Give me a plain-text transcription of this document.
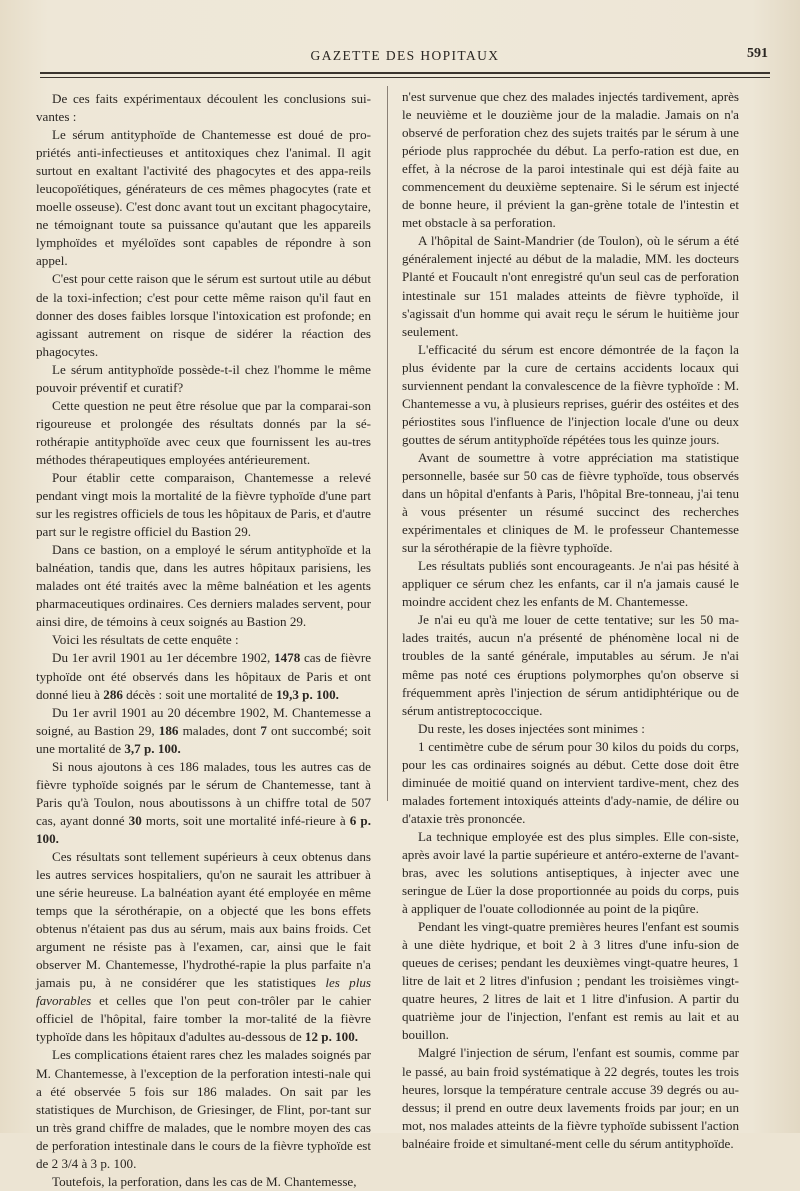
GAZETTE DES HOPITAUX	591

De ces faits expérimentaux découlent les conclusions sui-vantes :

Le sérum antityphoïde de Chantemesse est doué de pro-priétés anti-infectieuses et antitoxiques chez l'animal. Il agit surtout en exaltant l'activité des phagocytes et des appa-reils leucopoïétiques, générateurs de ces mêmes phagocytes (rate et moelle osseuse). C'est donc avant tout un excitant phagocytaire, ne témoignant toute sa puissance qu'autant que les appareils lymphoïdes et myéloïdes sont capables de répondre à son appel.

C'est pour cette raison que le sérum est surtout utile au début de la toxi-infection; c'est pour cette même raison qu'il faut en donner des doses faibles lorsque l'intoxication est profonde; en agissant autrement on risque de sidérer la réaction des phagocytes.

Le sérum antityphoïde possède-t-il chez l'homme le même pouvoir préventif et curatif?

Cette question ne peut être résolue que par la comparai-son rigoureuse et prolongée des résultats donnés par la sé-rothérapie antityphoïde avec ceux que fournissent les au-tres méthodes thérapeutiques employées antérieurement.

Pour établir cette comparaison, Chantemesse a relevé pendant vingt mois la mortalité de la fièvre typhoïde d'une part sur les registres officiels de tous les hôpitaux de Paris, et d'autre part sur le registre officiel du Bastion 29.

Dans ce bastion, on a employé le sérum antityphoïde et la balnéation, tandis que, dans les autres hôpitaux parisiens, les malades ont été traités avec la même balnéation et les agents pharmaceutiques ordinaires. Ces derniers malades servent, pour ainsi dire, de témoins à ceux soignés au Bastion 29.

Voici les résultats de cette enquête :

Du 1er avril 1901 au 1er décembre 1902, 1478 cas de fièvre typhoïde ont été observés dans les hôpitaux de Paris et ont donné lieu à 286 décès : soit une mortalité de 19,3 p. 100.

Du 1er avril 1901 au 20 décembre 1902, M. Chantemesse a soigné, au Bastion 29, 186 malades, dont 7 ont succombé; soit une mortalité de 3,7 p. 100.

Si nous ajoutons à ces 186 malades, tous les autres cas de fièvre typhoïde soignés par le sérum de Chantemesse, tant à Paris qu'à Toulon, nous aboutissons à un chiffre total de 507 cas, ayant donné 30 morts, soit une mortalité infé-rieure à 6 p. 100.

Ces résultats sont tellement supérieurs à ceux obtenus dans les autres services hospitaliers, qu'on ne saurait les attribuer à une série heureuse. La balnéation ayant été employée en même temps que la sérothérapie, on a objecté que les bons effets obtenus n'étaient pas dus au sérum, mais aux bains froids. Cet argument ne résiste pas à l'examen, car, ainsi que le fait observer M. Chantemesse, l'hydrothé-rapie la plus parfaite n'a jamais pu, à ne considérer que les statistiques les plus favorables et celles que l'on peut con-trôler par le cahier officiel de l'hôpital, faire tomber la mor-talité de la fièvre typhoïde dans les hôpitaux d'adultes au-dessous de 12 p. 100.

Les complications étaient rares chez les malades soignés par M. Chantemesse, à l'exception de la perforation intesti-nale qui a été observée 5 fois sur 186 malades. On sait par les statistiques de Murchison, de Griesinger, de Flint, por-tant sur un très grand chiffre de malades, que le nombre moyen des cas de perforation intestinale dans le cours de la fièvre typhoïde est de 2 3/4 à 3 p. 100.

Toutefois, la perforation, dans les cas de M. Chantemesse,

n'est survenue que chez des malades injectés tardivement, après le neuvième et le douzième jour de la maladie. Jamais on n'a observé de perforation chez des sujets traités par le sérum à une période plus rapprochée du début. La perfo-ration est due, en effet, à la nécrose de la paroi intestinale qui est déjà faite au commencement du deuxième septenaire. Si le sérum est injecté de bonne heure, il prévient la gan-grène totale de l'intestin et met obstacle à sa perforation.

A l'hôpital de Saint-Mandrier (de Toulon), où le sérum a été généralement injecté au début de la maladie, MM. les docteurs Planté et Foucault n'ont enregistré qu'un seul cas de perforation intestinale sur 151 malades atteints de fièvre typhoïde, il s'agissait d'un homme qui avait reçu le sérum le huitième jour seulement.

L'efficacité du sérum est encore démontrée de la façon la plus évidente par la cure de certains accidents locaux qui surviennent pendant la convalescence de la fièvre typhoïde : M. Chantemesse a vu, à plusieurs reprises, guérir des ostéites et des périostites sous l'influence de l'injection locale d'une ou deux gouttes de sérum antityphoïde répétées tous les quinze jours.

Avant de soumettre à votre appréciation ma statistique personnelle, basée sur 50 cas de fièvre typhoïde, tous observés dans un hôpital d'enfants à Paris, l'hôpital Bre-tonneau, j'ai tenu à vous présenter un résumé succinct des recherches expérimentales et cliniques de M. le professeur Chantemesse sur la sérothérapie de la fièvre typhoïde.

Les résultats publiés sont encourageants. Je n'ai pas hésité à appliquer ce sérum chez les enfants, car il n'a jamais causé le moindre accident chez les enfants de M. Chantemesse.

Je n'ai eu qu'à me louer de cette tentative; sur les 50 ma-lades traités, aucun n'a présenté de phénomène local ni de troubles de la santé générale, imputables au sérum. Je n'ai même pas noté ces éruptions polymorphes qu'on observe si fréquemment après l'injection de sérum antidiphtérique ou de sérum antistreptococcique.

Du reste, les doses injectées sont minimes :

1 centimètre cube de sérum pour 30 kilos du poids du corps, pour les cas ordinaires soignés au début. Cette dose doit être diminuée de moitié quand on intervient tardive-ment, chez des malades fortement intoxiqués atteints d'ady-namie, de délire ou d'ataxie très prononcée.

La technique employée est des plus simples. Elle con-siste, après avoir lavé la partie supérieure et antéro-externe de l'avant-bras, avec les solutions antiseptiques, à injecter avec une seringue de Lüer la dose proportionnée au poids du corps, puis à appliquer de l'ouate collodionnée au point de la piqûre.

Pendant les vingt-quatre premières heures l'enfant est soumis à une diète hydrique, et boit 2 à 3 litres d'une infu-sion de queues de cerises; pendant les deuxièmes vingt-quatre heures, 1 litre de lait et 2 litres d'infusion ; pendant les troisièmes vingt-quatre heures, 2 litres de lait et 1 litre d'infusion. A partir du quatrième jour de l'injection, l'enfant est remis au lait et au bouillon.

Malgré l'injection de sérum, l'enfant est soumis, comme par le passé, au bain froid systématique à 22 degrés, toutes les trois heures, lorsque la température centrale accuse 39 degrés ou au-dessus; il prend en outre deux lavements froids par jour; en un mot, nos malades atteints de la fièvre typhoïde subissent l'action balnéaire froide et simultané-ment celle du sérum antityphoïde.
